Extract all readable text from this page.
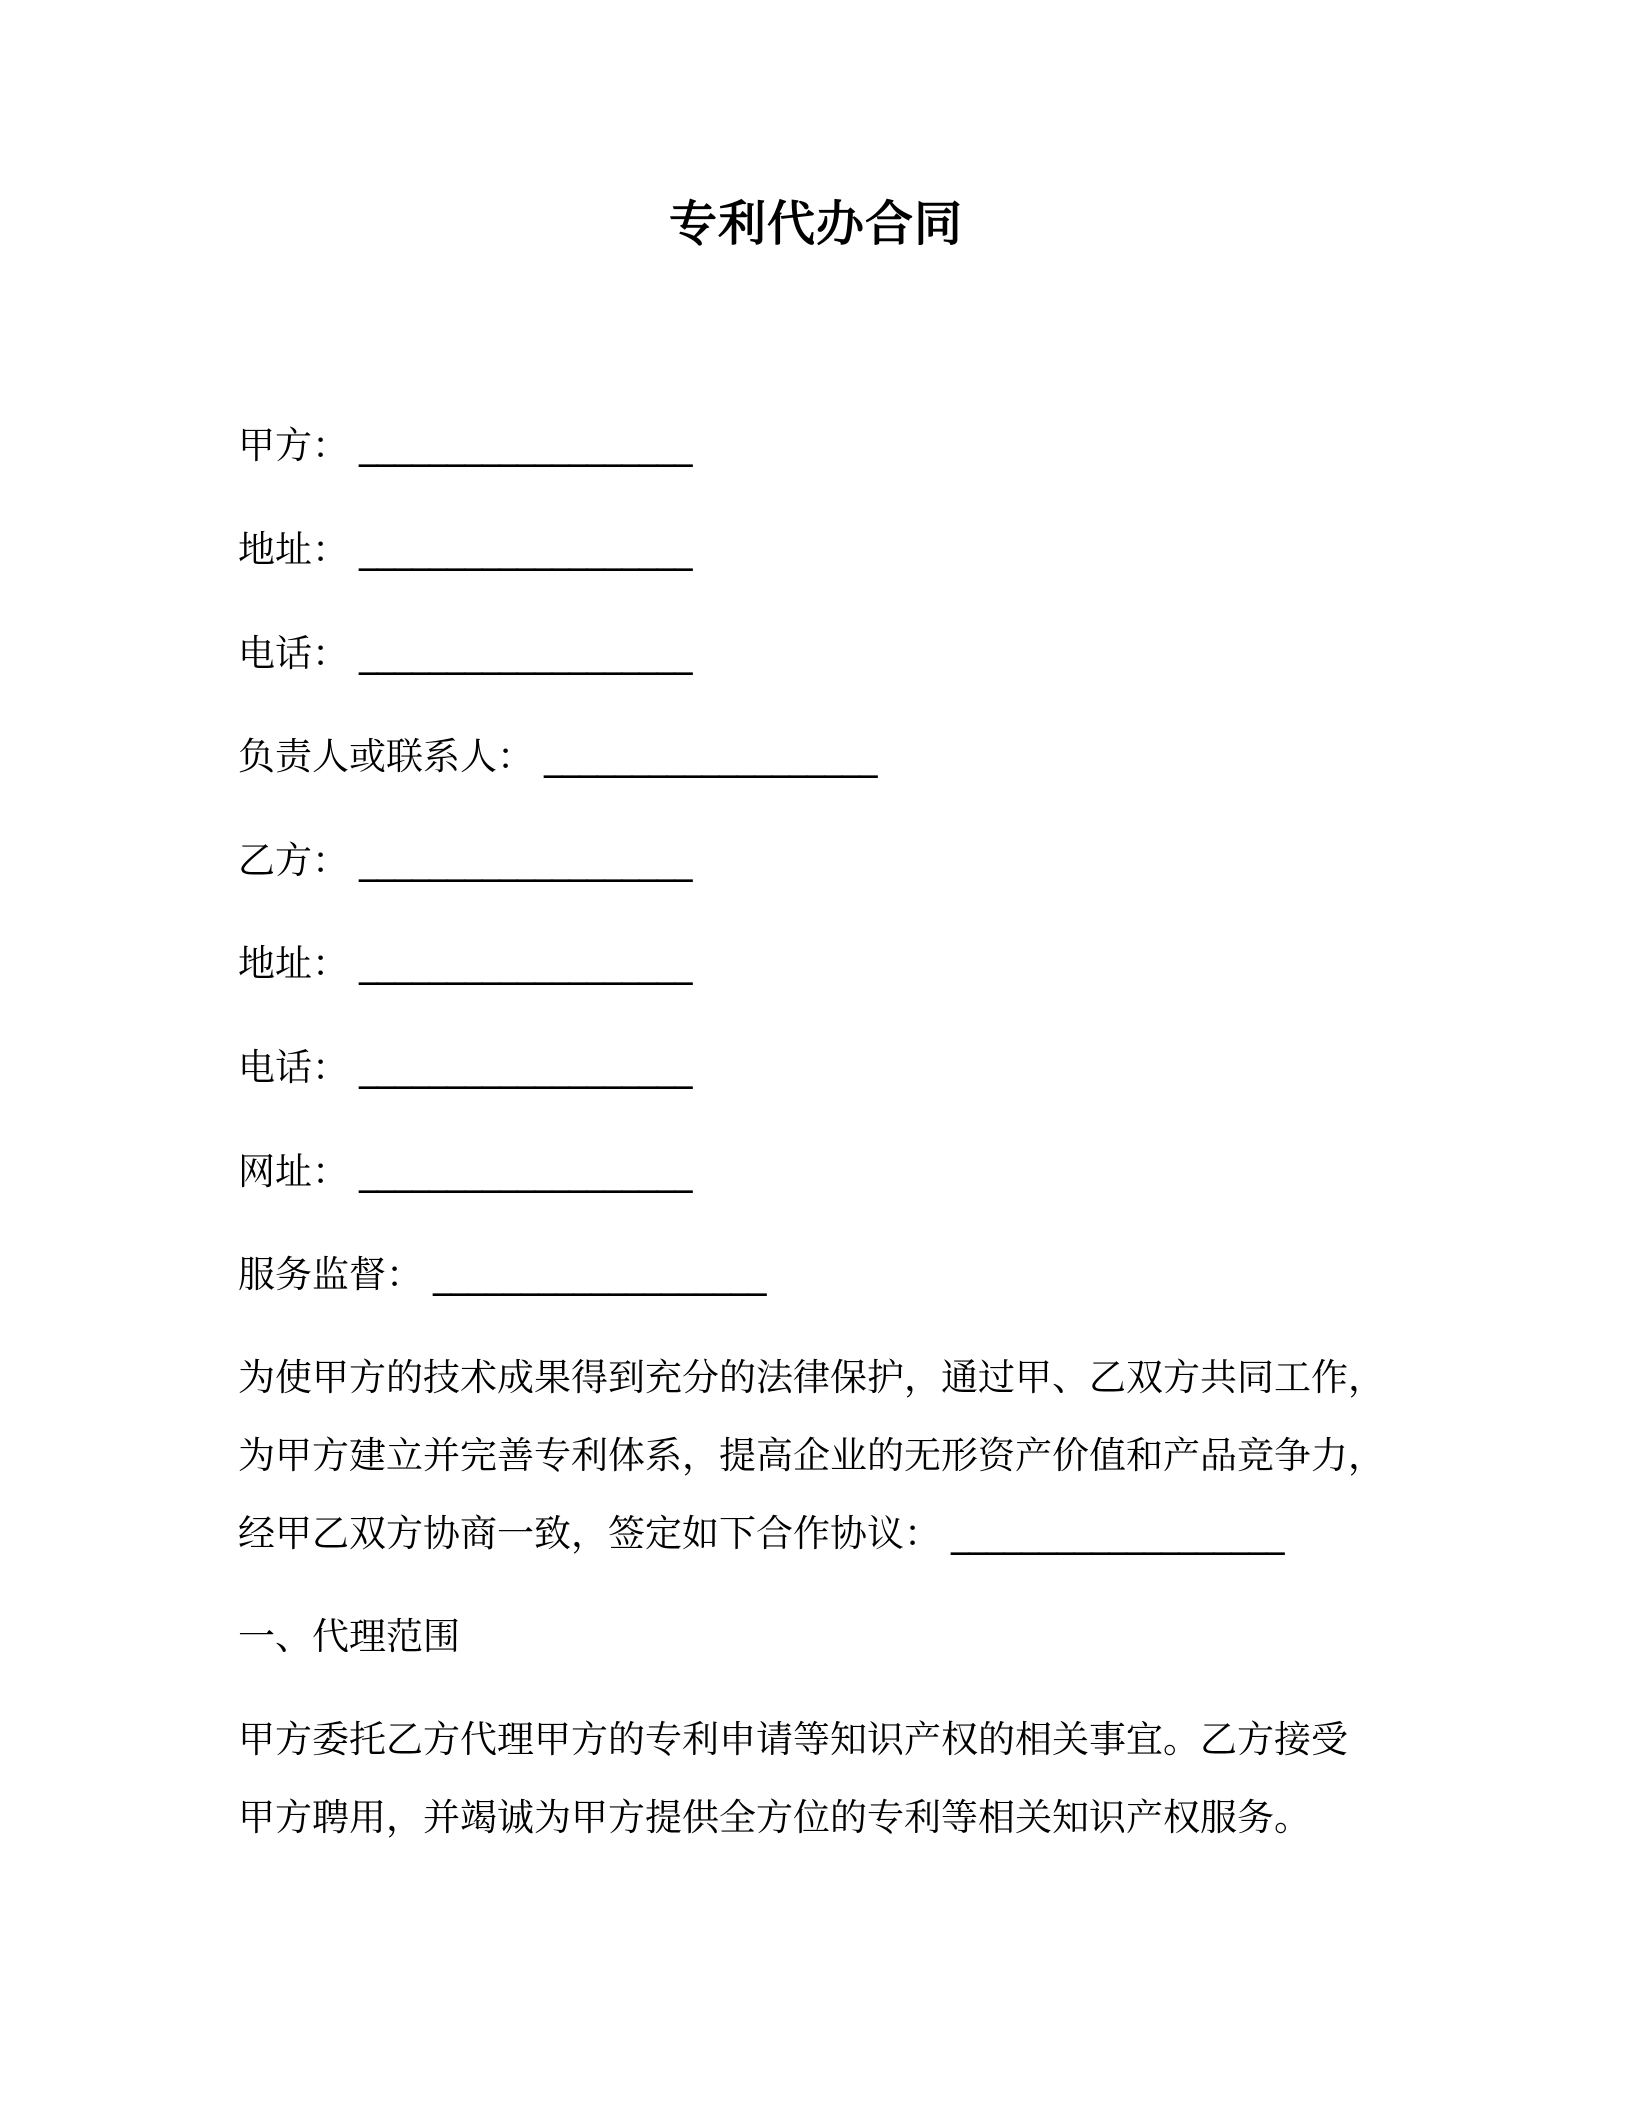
专利代办合同
甲方： ___________________
地址： ___________________
电话： ___________________
负责人或联系人： ___________________
乙方： ___________________
地址： ___________________
电话： ___________________
网址： ___________________
服务监督： ___________________
为使甲方的技术成果得到充分的法律保护，通过甲、乙双方共同工作，
为甲方建立并完善专利体系，提高企业的无形资产价值和产品竞争力，
经甲乙双方协商一致，签定如下合作协议： ___________________
一、代理范围
甲方委托乙方代理甲方的专利申请等知识产权的相关事宜。乙方接受
甲方聘用，并竭诚为甲方提供全方位的专利等相关知识产权服务。
